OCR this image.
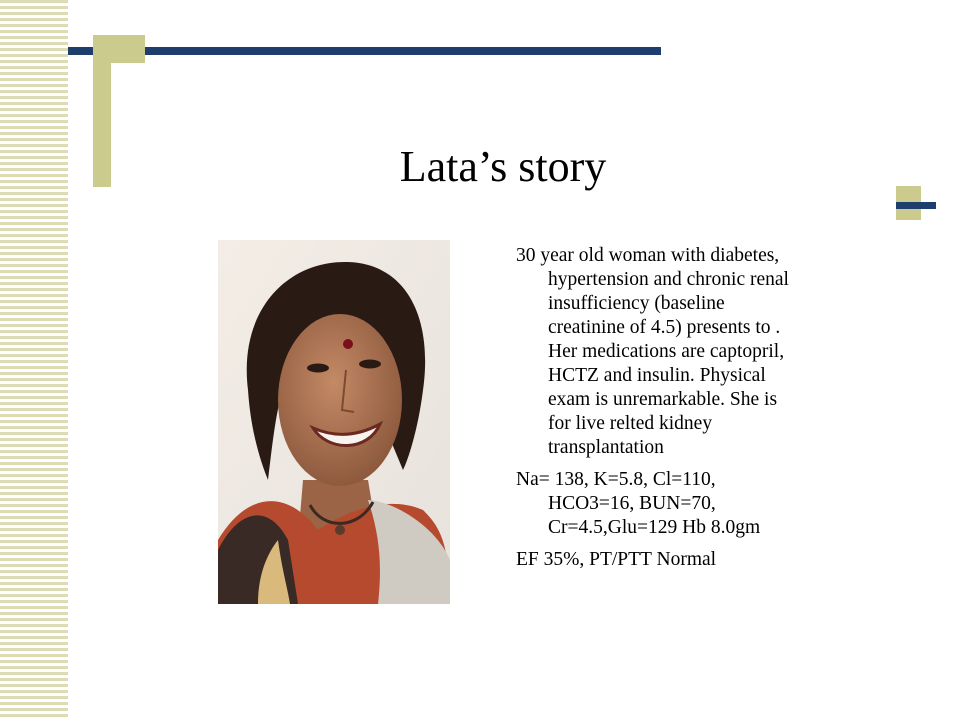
Lata’s story
30 year old woman with diabetes,
hypertension and chronic renal
insufficiency (baseline
creatinine of 4.5) presents to .
Her medications are captopril,
HCTZ and insulin. Physical
exam is unremarkable. She is
for live relted kidney
transplantation
Na= 138, K=5.8, Cl=110,
HCO3=16, BUN=70,
Cr=4.5,Glu=129 Hb 8.0gm
EF 35%, PT/PTT Normal
